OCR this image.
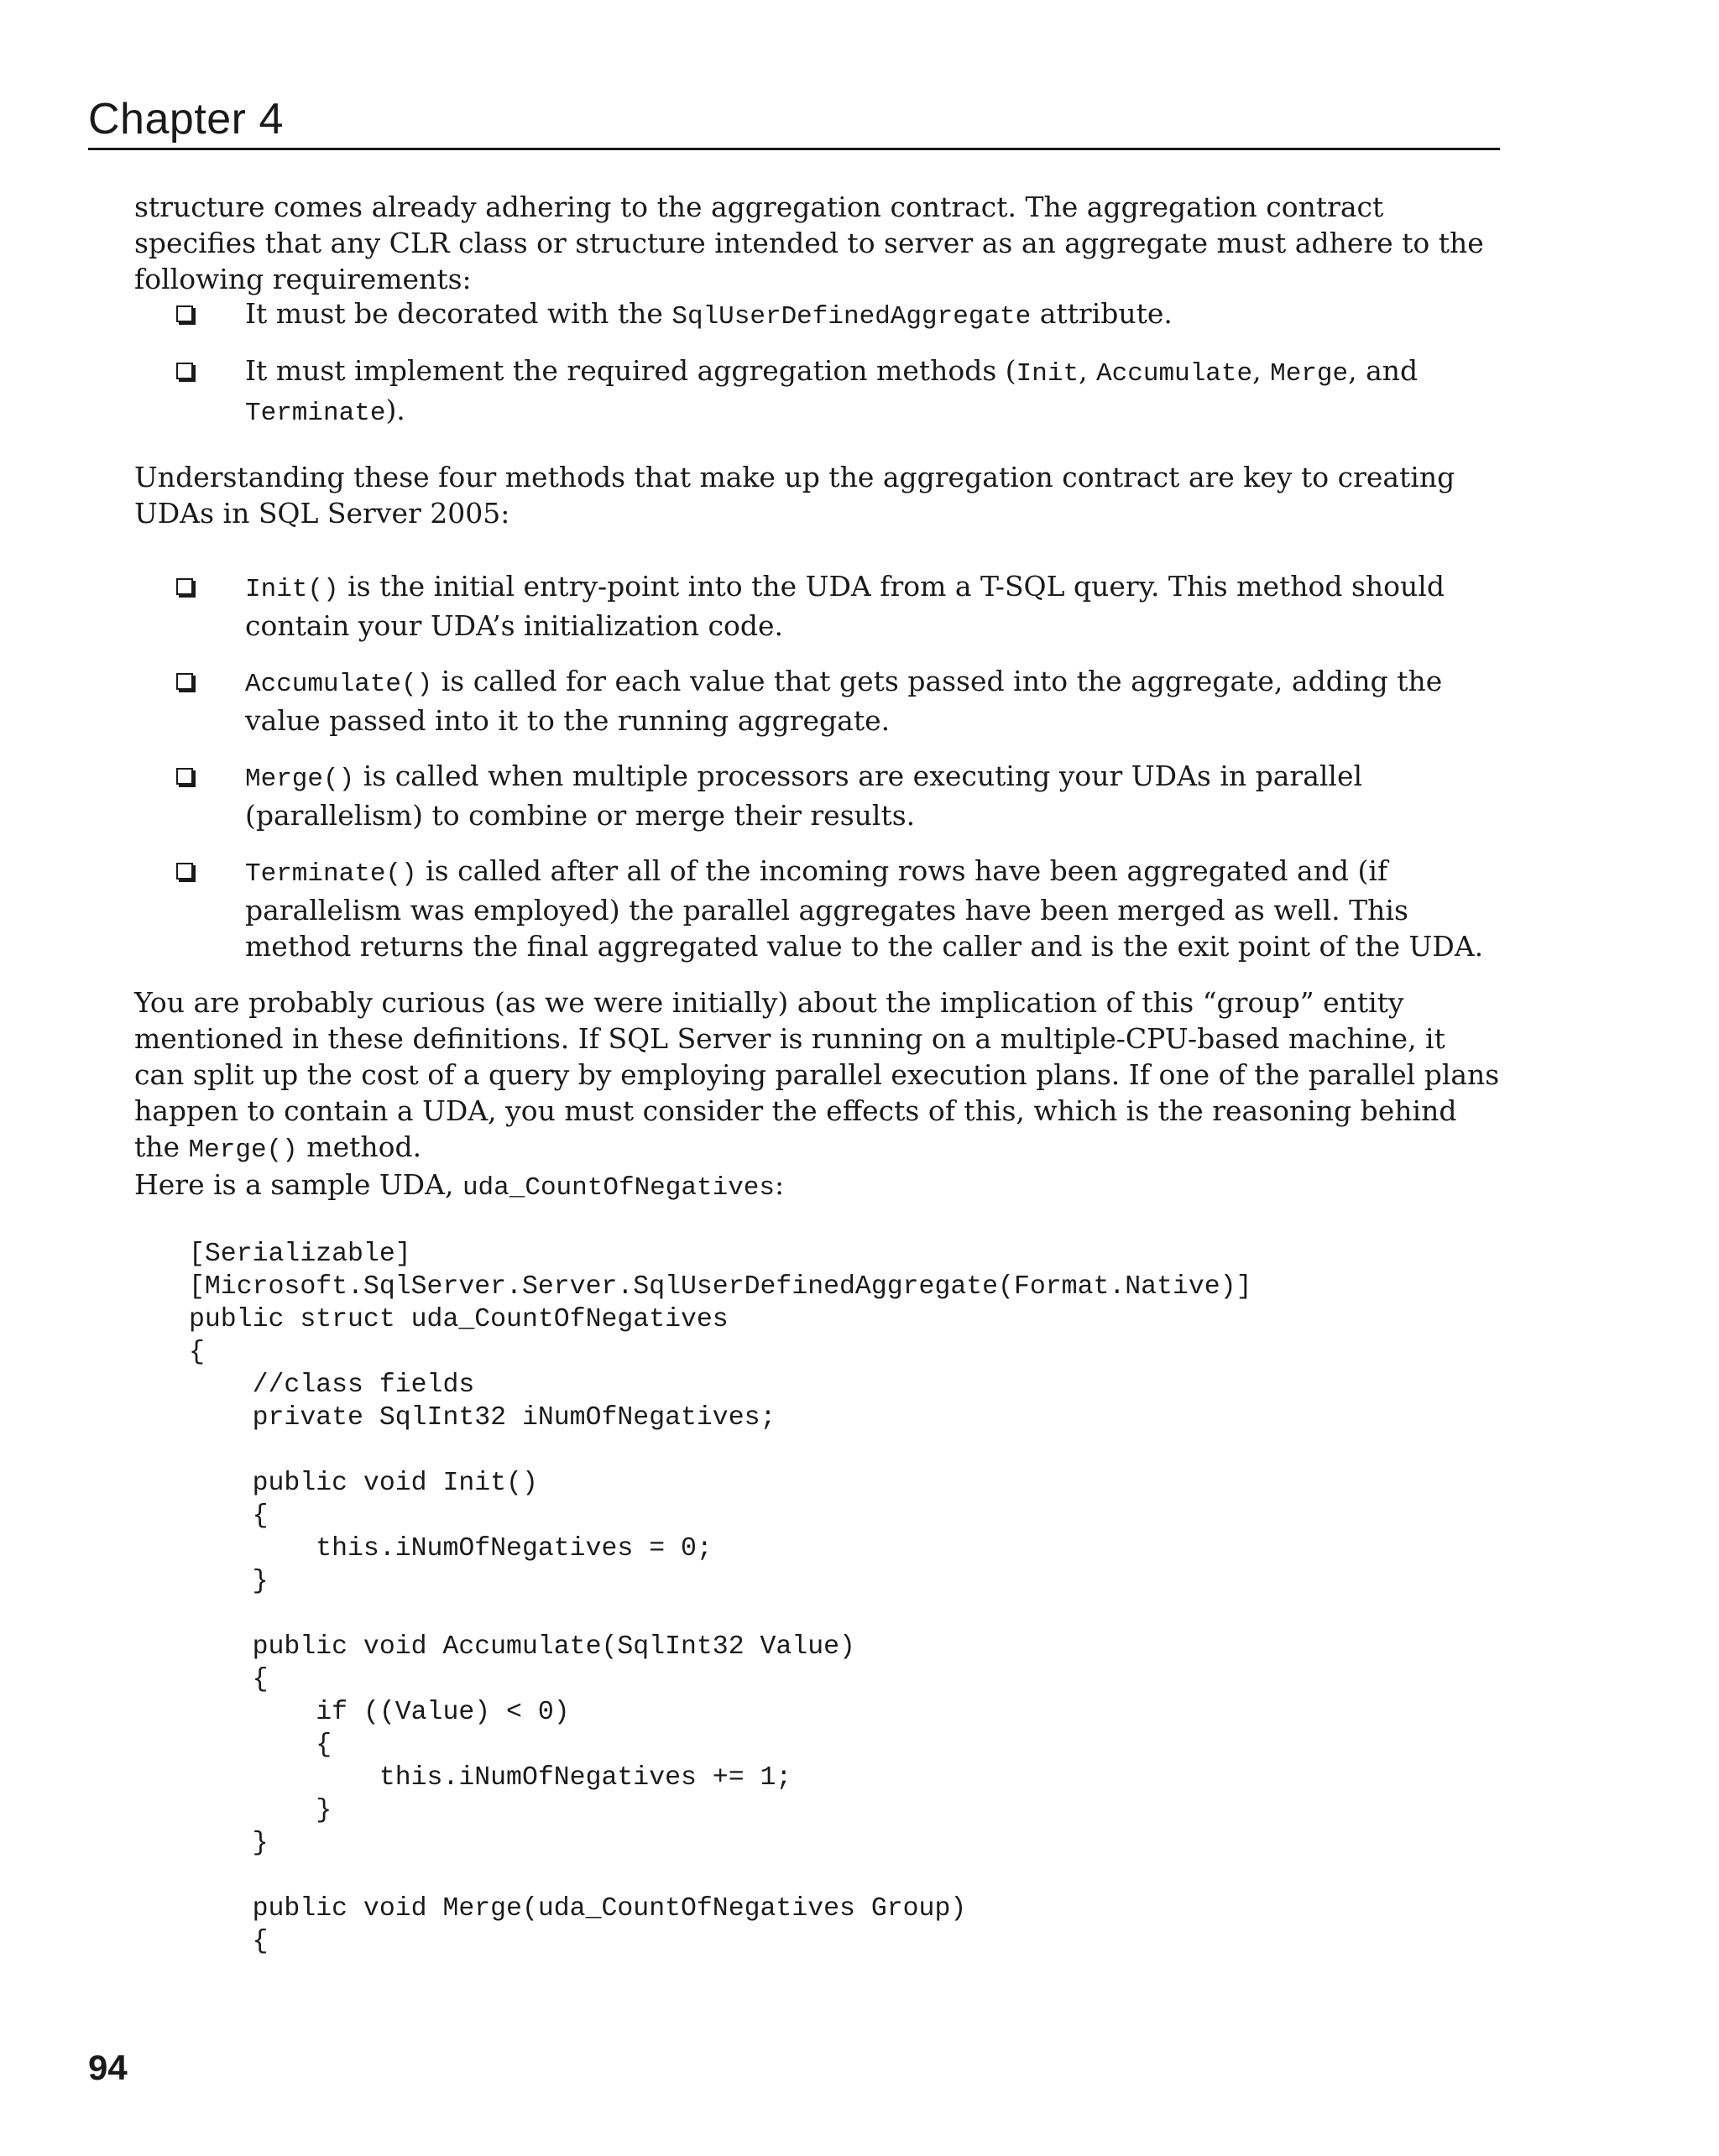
Chapter 4

structure comes already adhering to the aggregation contract. The aggregation contract specifies that any CLR class or structure intended to server as an aggregate must adhere to the following requirements:

It must be decorated with the SqlUserDefinedAggregate attribute.
It must implement the required aggregation methods (Init, Accumulate, Merge, and Terminate).

Understanding these four methods that make up the aggregation contract are key to creating UDAs in SQL Server 2005:

Init() is the initial entry-point into the UDA from a T-SQL query. This method should contain your UDA’s initialization code.
Accumulate() is called for each value that gets passed into the aggregate, adding the value passed into it to the running aggregate.
Merge() is called when multiple processors are executing your UDAs in parallel (parallelism) to combine or merge their results.
Terminate() is called after all of the incoming rows have been aggregated and (if parallelism was employed) the parallel aggregates have been merged as well. This method returns the final aggregated value to the caller and is the exit point of the UDA.

You are probably curious (as we were initially) about the implication of this “group” entity mentioned in these definitions. If SQL Server is running on a multiple-CPU-based machine, it can split up the cost of a query by employing parallel execution plans. If one of the parallel plans happen to contain a UDA, you must consider the effects of this, which is the reasoning behind the Merge() method.

Here is a sample UDA, uda_CountOfNegatives:

[Serializable]
[Microsoft.SqlServer.Server.SqlUserDefinedAggregate(Format.Native)]
public struct uda_CountOfNegatives
{
//class fields
private SqlInt32 iNumOfNegatives;

public void Init()
{
this.iNumOfNegatives = 0;
}

public void Accumulate(SqlInt32 Value)
{
if ((Value) < 0)
{
this.iNumOfNegatives += 1;
}
}

public void Merge(uda_CountOfNegatives Group)
{
94
